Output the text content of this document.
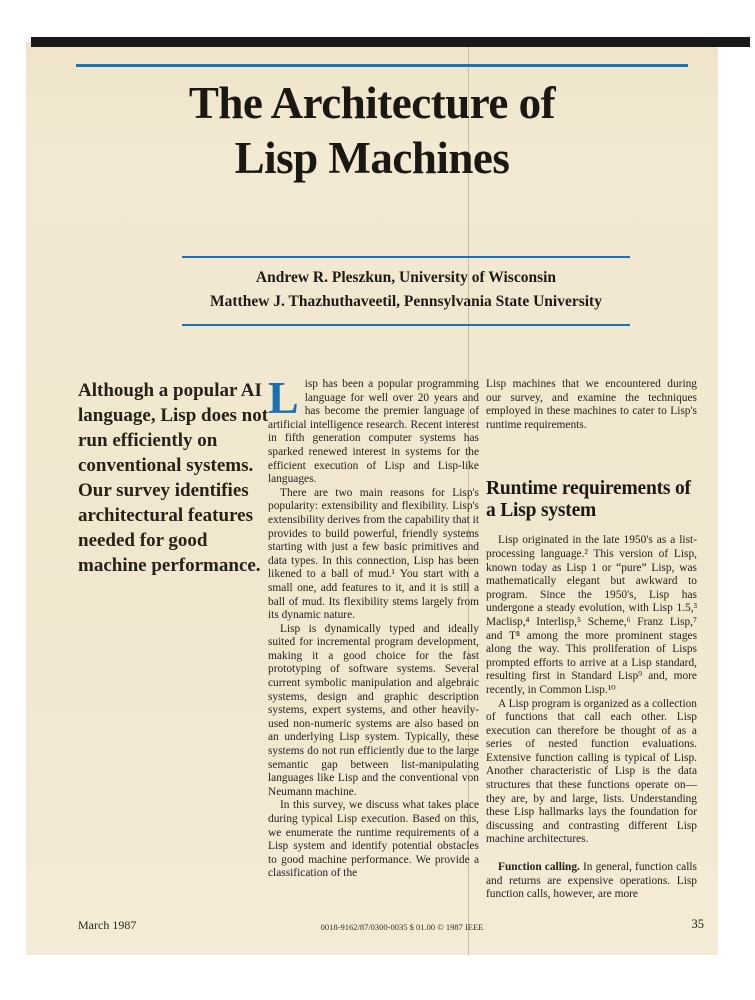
The Architecture of
Lisp Machines
Andrew R. Pleszkun, University of Wisconsin
Matthew J. Thazhuthaveetil, Pennsylvania State University
Although a popular AI language, Lisp does not run efficiently on conventional systems. Our survey identifies architectural features needed for good machine performance.

Lisp has been a popular programming language for well over 20 years and has become the premier language of artificial intelligence research. Recent interest in fifth generation computer systems has sparked renewed interest in systems for the efficient execution of Lisp and Lisp-like languages.

There are two main reasons for Lisp's popularity: extensibility and flexibility. Lisp's extensibility derives from the capability that it provides to build powerful, friendly systems starting with just a few basic primitives and data types. In this connection, Lisp has been likened to a ball of mud.¹ You start with a small one, add features to it, and it is still a ball of mud. Its flexibility stems largely from its dynamic nature.

Lisp is dynamically typed and ideally suited for incremental program development, making it a good choice for the fast prototyping of software systems. Several current symbolic manipulation and algebraic systems, design and graphic description systems, expert systems, and other heavily-used non-numeric systems are also based on an underlying Lisp system. Typically, these systems do not run efficiently due to the large semantic gap between list-manipulating languages like Lisp and the conventional von Neumann machine.

In this survey, we discuss what takes place during typical Lisp execution. Based on this, we enumerate the runtime requirements of a Lisp system and identify potential obstacles to good machine performance. We provide a classification of the

Lisp machines that we encountered during our survey, and examine the techniques employed in these machines to cater to Lisp's runtime requirements.

Runtime requirements of a Lisp system

Lisp originated in the late 1950's as a list-processing language.² This version of Lisp, known today as Lisp 1 or “pure” Lisp, was mathematically elegant but awkward to program. Since the 1950's, Lisp has undergone a steady evolution, with Lisp 1.5,³ Maclisp,⁴ Interlisp,⁵ Scheme,⁶ Franz Lisp,⁷ and T⁸ among the more prominent stages along the way. This proliferation of Lisps prompted efforts to arrive at a Lisp standard, resulting first in Standard Lisp⁹ and, more recently, in Common Lisp.¹⁰

A Lisp program is organized as a collection of functions that call each other. Lisp execution can therefore be thought of as a series of nested function evaluations. Extensive function calling is typical of Lisp. Another characteristic of Lisp is the data structures that these functions operate on—they are, by and large, lists. Understanding these Lisp hallmarks lays the foundation for discussing and contrasting different Lisp machine architectures.

Function calling. In general, function calls and returns are expensive operations. Lisp function calls, however, are more

March 1987	0018-9162/87/0300-0035 $ 01.00 © 1987 IEEE	35
